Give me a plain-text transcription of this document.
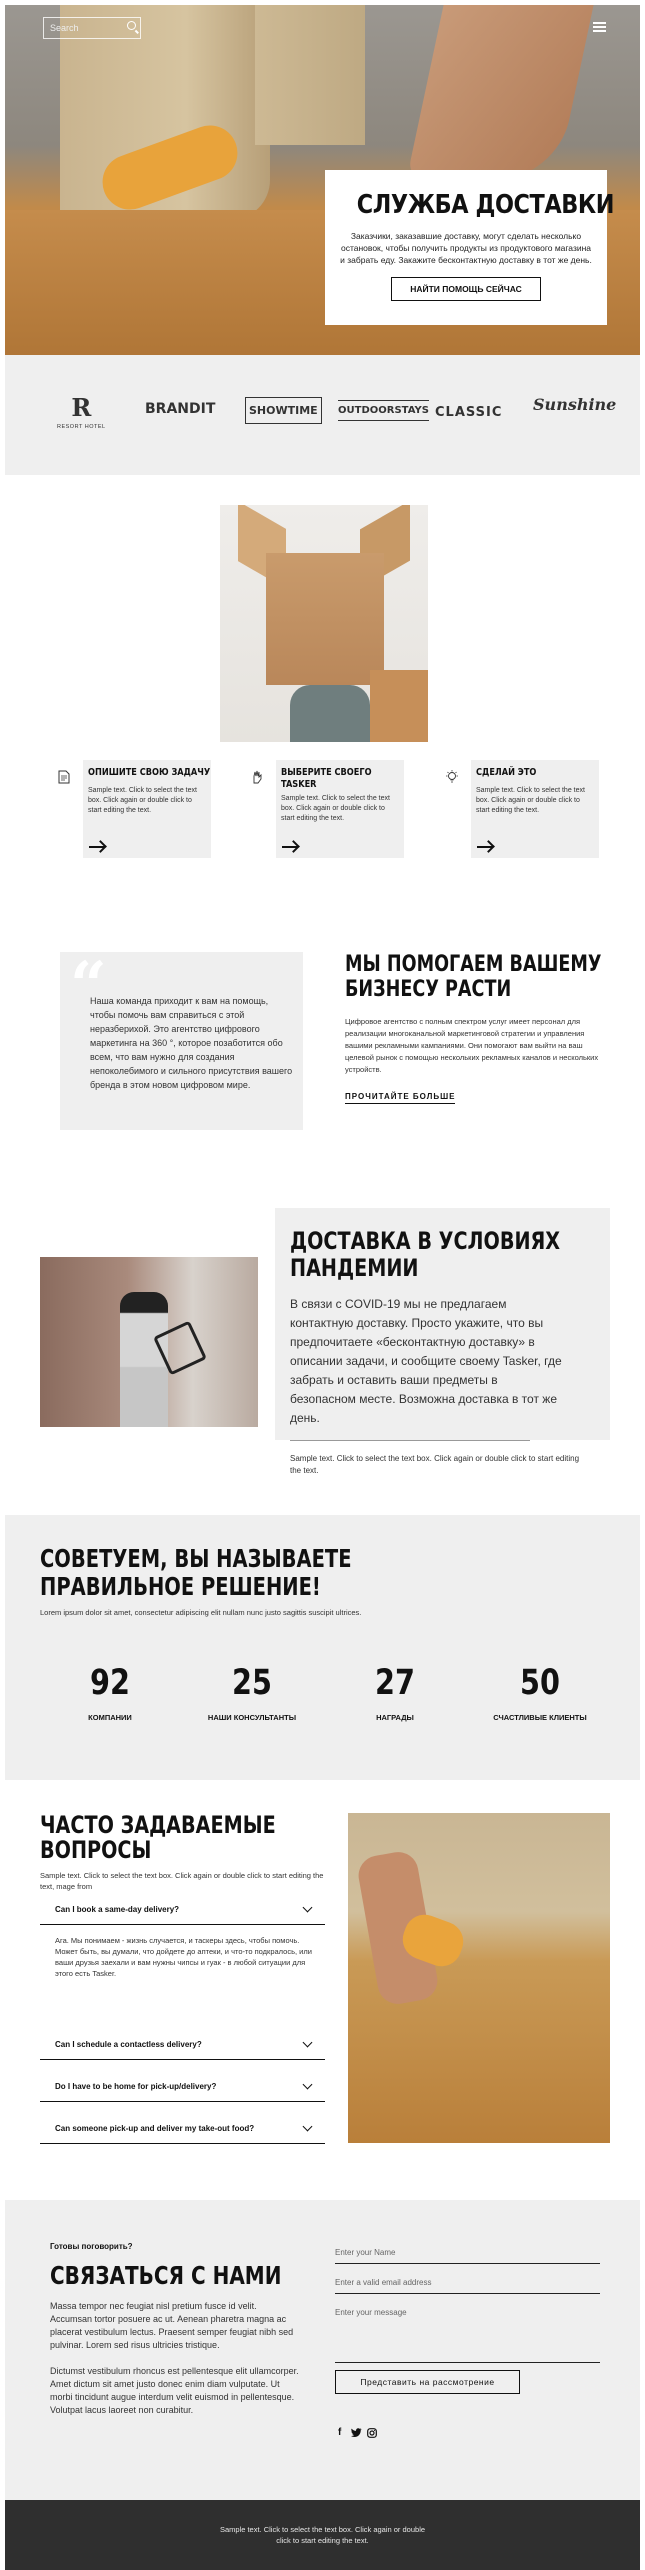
Search
СЛУЖБА ДОСТАВКИ

Заказчики, заказавшие доставку, могут сделать несколько остановок, чтобы получить продукты из продуктового магазина и забрать еду. Закажите бесконтактную доставку в тот же день.

НАЙТИ ПОМОЩЬ СЕЙЧАС
R
RESORT HOTEL
BRANDIT	SHOWTIME	OUTDOORSTAYS CLASSIC Sunshine
ОПИШИТЕ СВОЮ ЗАДАЧУ

Sample text. Click to select the text box. Click again or double click to start editing the text.

ВЫБЕРИТЕ СВОЕГО TASKER

Sample text. Click to select the text box. Click again or double click to start editing the text.

СДЕЛАЙ ЭТО

Sample text. Click to select the text box. Click again or double click to start editing the text.

“

Наша команда приходит к вам на помощь, чтобы помочь вам справиться с этой неразберихой. Это агентство цифрового маркетинга на 360 °, которое позаботится обо всем, что вам нужно для создания непоколебимого и сильного присутствия вашего бренда в этом новом цифровом мире.

МЫ ПОМОГАЕМ ВАШЕМУ БИЗНЕСУ РАСТИ

Цифровое агентство с полным спектром услуг имеет персонал для реализации многоканальной маркетинговой стратегии и управления вашими рекламными кампаниями. Они помогают вам выйти на ваш целевой рынок с помощью нескольких рекламных каналов и нескольких устройств.

ПРОЧИТАЙТЕ БОЛЬШЕ
ДОСТАВКА В УСЛОВИЯХ ПАНДЕМИИ

В связи с COVID-19 мы не предлагаем контактную доставку. Просто укажите, что вы предпочитаете «бесконтактную доставку» в описании задачи, и сообщите своему Tasker, где забрать и оставить ваши предметы в безопасном месте. Возможна доставка в тот же день.

Sample text. Click to select the text box. Click again or double click to start editing the text.

СОВЕТУЕМ, ВЫ НАЗЫВАЕТЕ ПРАВИЛЬНОЕ РЕШЕНИЕ!

Lorem ipsum dolor sit amet, consectetur adipiscing elit nullam nunc justo sagittis suscipit ultrices.

92
КОМПАНИИ
25
НАШИ КОНСУЛЬТАНТЫ
27
НАГРАДЫ
50
СЧАСТЛИВЫЕ КЛИЕНТЫ
ЧАСТО ЗАДАВАЕМЫЕ ВОПРОСЫ

Sample text. Click to select the text box. Click again or double click to start editing the text, mage from

Can I book a same-day delivery?

Ага. Мы понимаем - жизнь случается, и таскеры здесь, чтобы помочь. Может быть, вы думали, что дойдете до аптеки, и что-то подкралось, или ваши друзья заехали и вам нужны чипсы и гуак - в любой ситуации для этого есть Tasker.

Can I schedule a contactless delivery?
Do I have to be home for pick-up/delivery?
Can someone pick-up and deliver my take-out food?
Готовы поговорить?
СВЯЗАТЬСЯ С НАМИ

Massa tempor nec feugiat nisl pretium fusce id velit. Accumsan tortor posuere ac ut. Aenean pharetra magna ac placerat vestibulum lectus. Praesent semper feugiat nibh sed pulvinar. Lorem sed risus ultricies tristique.

Dictumst vestibulum rhoncus est pellentesque elit ullamcorper. Amet dictum sit amet justo donec enim diam vulputate. Ut morbi tincidunt augue interdum velit euismod in pellentesque. Volutpat lacus laoreet non curabitur.

Enter your Name
Enter a valid email address
Enter your message
Представить на рассмотрение
f

Sample text. Click to select the text box. Click again or double click to start editing the text.
